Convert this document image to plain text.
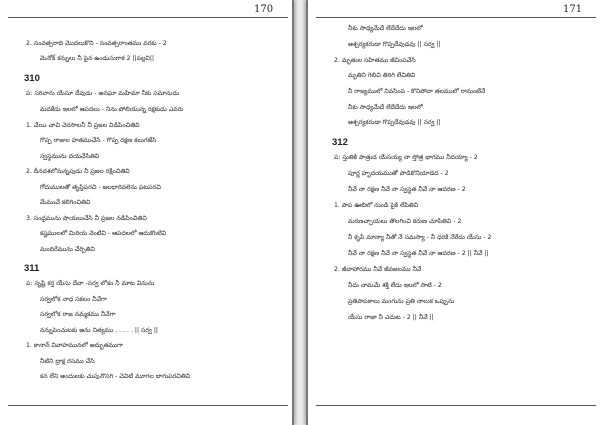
170
2. సంవత్సరాది మొదలుకొని - సంవత్సరాంతము వరకు - 2
మెనోక్ కన్నులు నీ పైన ఉండుసుగాక 2 ||పల్లవి||
310
ప: సరివారు యేసూ దేవుడు - అనఘా మహిమా నీకు సమానుడు
మదకేదు ఇలలో ఆపదలు - నిను పోలియున్న రక్షకుడు ఎవరు
1. చేయి చాచి చెరసాలనీ నీ ప్రజల విడిపించితివి
గొప్ప రాజుల హతముచేసి - గొప్ప రక్షణ కలుగజేసి
స్వస్థమును దయచేసితివి
2. దీనదశలోనున్నపుడు నీ ప్రజల రక్షించితివి
గోదుములతో తృప్తిపరచి - జలధారివలెను ఫటపరచి
మేముచే కలిగించితివి
3. సంధ్రమును పాయలుచేసి నీ ప్రజల నడిపించితివి
కష్టములలో మిరియ వెంటివి - ఆపదలలో ఆదుకొంటివి
మందిరేమును చేర్చితివి
311
ప: సృష్టి కర్త యేసు దేవా -సర్వ లోకం నీ మాట వినును
సర్వలోక నాధ సకలం నీవేగా
సర్వలోక రాజ నమ్మకము నీవేగా
నన్నుపెంచుటకు అను నిత్యము . . . . . || సర్వ ||
1. కానాన్ వివాహమునలో అద్భుతముగా
నీటిని ద్రాక్ష రసము చేసి
కన లేని అందులకు చుపునొసగి - చెవిటి మూగల బాగుపరచితివి
171
నీకు సాధ్యమేదే లేదేదేదు ఇలలో
ఆశ్చర్యకరుడా గొప్పదేవుడవు || సర్వ ||
2. మృతుల సహితము జీవింపచేసి
మృతిని గెలిచి తిరిగి లేచితివి
నీ రాజ్యములో నివసింప - కొనిపోవా తలములో రానుంటేనే
నీకు సాధ్యమేదే లేదేదేదు ఇలలో
ఆశ్చర్యకరుడా గొప్పదేవుడవు || సర్వ ||
312
ప: స్తుతికి పాత్రుడ యేసయ్య నా స్తోత్ర భాగము నీదయ్యా - 2
పూర్ణ హృదయముతో పాడికొనియాడెద - 2
నీవే నా రక్షణ నీవే నా స్వస్థత నీవే నా ఆదరణ - 2
1. పాప ఊబిలో నుండి పైకి లేపితివి
మరణచ్ఛాయలు తొలగించి కరుణ చూపితివి - 2
నీ కృపే మాన్యా నీతో నే సమస్యా - నీ ధరకి నేరేదు యేసు - 2
నీవే నా రక్షణ నీవే నా స్వస్థత నీవే నా ఆదరణ - 2 || నీవే ||
2. జీవాహారము నీవే జీవజలము నీవే
నీదు నామమే శక్తి లేదు ఇలలో సాటి - 2
ప్రతిపాపకాలు మంగును ప్రతి నాలుక ఒప్పును
యేసు రాజా నీ ఎదుట - 2 || నీవే ||
